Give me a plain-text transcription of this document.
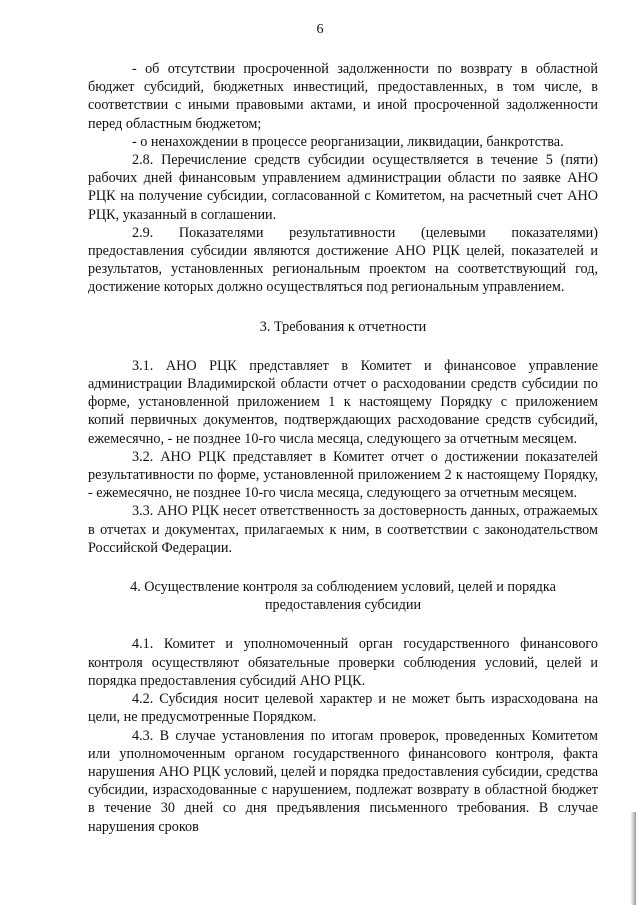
6

- об отсутствии просроченной задолженности по возврату в областной бюджет субсидий, бюджетных инвестиций, предоставленных, в том числе, в соответствии с иными правовыми актами, и иной просроченной задолженности перед областным бюджетом;

- о ненахождении в процессе реорганизации, ликвидации, банкротства.

2.8. Перечисление средств субсидии осуществляется в течение 5 (пяти) рабочих дней финансовым управлением администрации области по заявке АНО РЦК на получение субсидии, согласованной с Комитетом, на расчетный счет АНО РЦК, указанный в соглашении.

2.9. Показателями результативности (целевыми показателями) предоставления субсидии являются достижение АНО РЦК целей, показателей и результатов, установленных региональным проектом на соответствующий год, достижение которых должно осуществляться под региональным управлением.

3. Требования к отчетности

3.1. АНО РЦК представляет в Комитет и финансовое управление администрации Владимирской области отчет о расходовании средств субсидии по форме, установленной приложением 1 к настоящему Порядку с приложением копий первичных документов, подтверждающих расходование средств субсидий, ежемесячно, - не позднее 10-го числа месяца, следующего за отчетным месяцем.

3.2. АНО РЦК представляет в Комитет отчет о достижении показателей результативности по форме, установленной приложением 2 к настоящему Порядку, - ежемесячно, не позднее 10-го числа месяца, следующего за отчетным месяцем.

3.3. АНО РЦК несет ответственность за достоверность данных, отражаемых в отчетах и документах, прилагаемых к ним, в соответствии с законодательством Российской Федерации.

4. Осуществление контроля за соблюдением условий, целей и порядка

предоставления субсидии

4.1. Комитет и уполномоченный орган государственного финансового контроля осуществляют обязательные проверки соблюдения условий, целей и порядка предоставления субсидий АНО РЦК.

4.2. Субсидия носит целевой характер и не может быть израсходована на цели, не предусмотренные Порядком.

4.3. В случае установления по итогам проверок, проведенных Комитетом или уполномоченным органом государственного финансового контроля, факта нарушения АНО РЦК условий, целей и порядка предоставления субсидии, средства субсидии, израсходованные с нарушением, подлежат возврату в областной бюджет в течение 30 дней со дня предъявления письменного требования. В случае нарушения сроков
